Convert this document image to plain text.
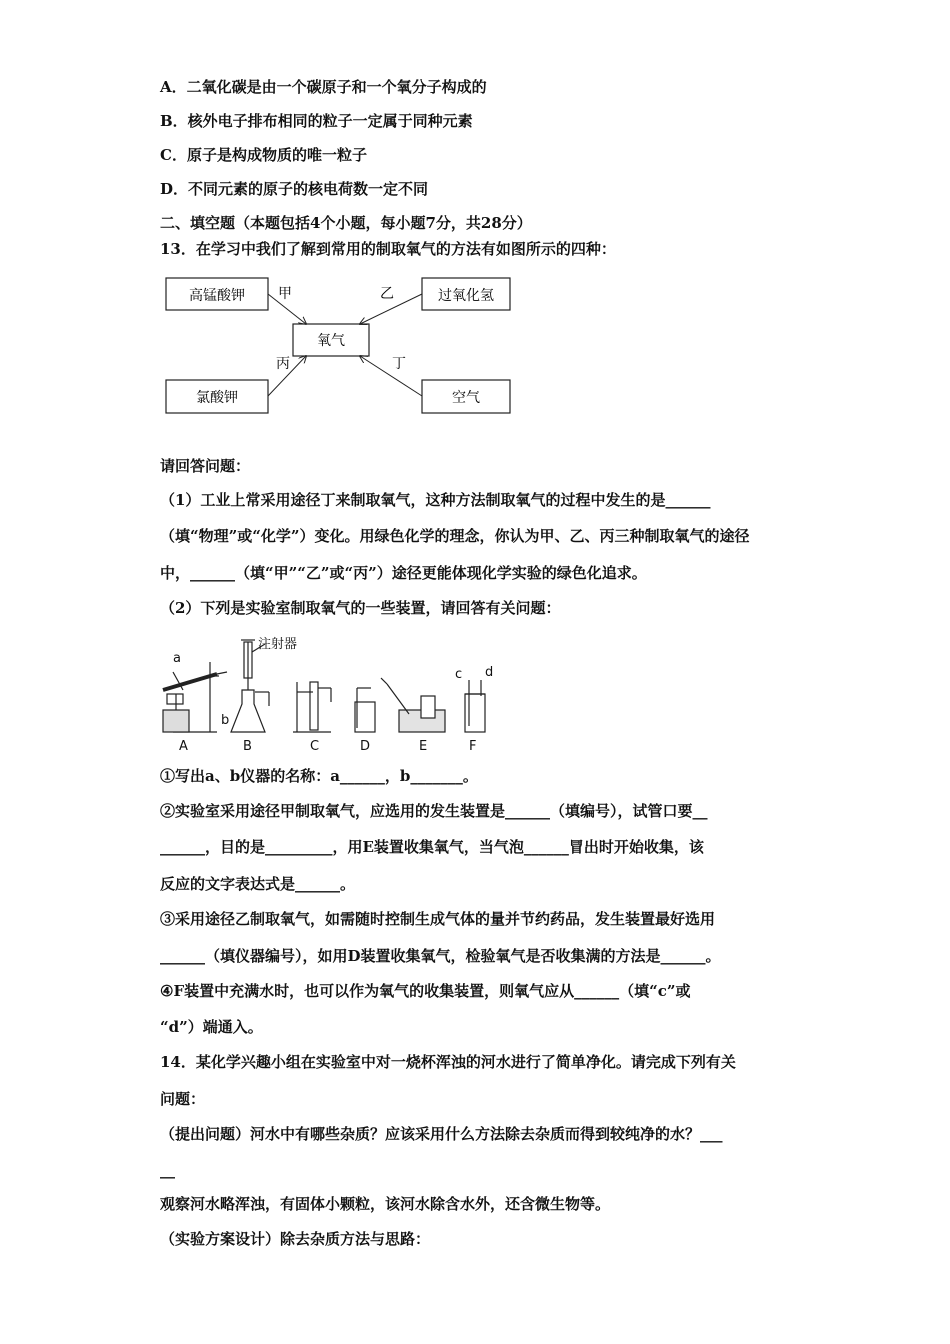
A．二氧化碳是由一个碳原子和一个氧分子构成的
B．核外电子排布相同的粒子一定属于同种元素
C．原子是构成物质的唯一粒子
D．不同元素的原子的核电荷数一定不同
二、填空题（本题包括4个小题，每小题7分，共28分）
13．在学习中我们了解到常用的制取氧气的方法有如图所示的四种：
高锰酸钾	过氧化氢
氧气
氯酸钾	空气
甲	乙
丙	丁
请回答问题：
（1）工业上常采用途径丁来制取氧气，这种方法制取氧气的过程中发生的是______
（填“物理”或“化学”）变化。用绿色化学的理念，你认为甲、乙、丙三种制取氧气的途径
中，______（填“甲”“乙”或“丙”）途径更能体现化学实验的绿色化追求。
（2）下列是实验室制取氧气的一些装置，请回答有关问题：
注射器
a
b
c d
A	B	C	D	E	F
①写出a、b仪器的名称：a______，b_______。
②实验室采用途径甲制取氧气，应选用的发生装置是______（填编号），试管口要__
______，目的是_________，用E装置收集氧气，当气泡______冒出时开始收集，该
反应的文字表达式是______。
③采用途径乙制取氧气，如需随时控制生成气体的量并节约药品，发生装置最好选用
______（填仪器编号），如用D装置收集氧气，检验氧气是否收集满的方法是______。
④F装置中充满水时，也可以作为氧气的收集装置，则氧气应从______（填“c”或
“d”）端通入。
14．某化学兴趣小组在实验室中对一烧杯浑浊的河水进行了简单净化。请完成下列有关
问题：
（提出问题）河水中有哪些杂质？应该采用什么方法除去杂质而得到较纯净的水？___
__
观察河水略浑浊，有固体小颗粒，该河水除含水外，还含微生物等。
（实验方案设计）除去杂质方法与思路：
